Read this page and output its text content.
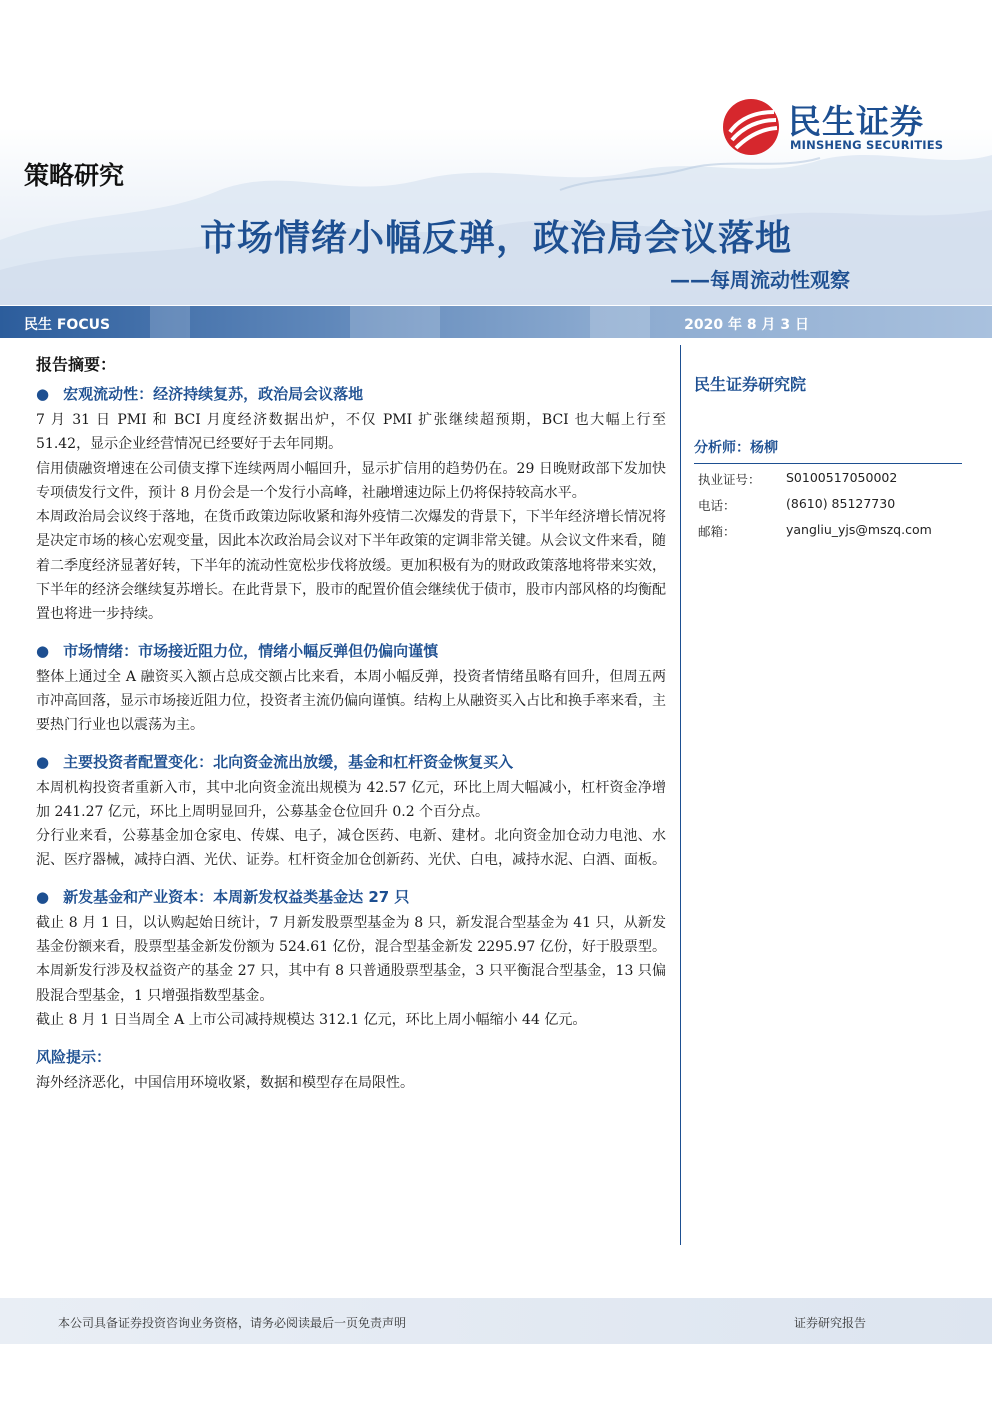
民生证券
MINSHENG SECURITIES
策略研究
市场情绪小幅反弹，政治局会议落地
——每周流动性观察
民生 FOCUS	2020 年 8 月 3 日
报告摘要：
● 宏观流动性：经济持续复苏，政治局会议落地

7 月 31 日 PMI 和 BCI 月度经济数据出炉，不仅 PMI 扩张继续超预期，BCI 也大幅上行至 51.42，显示企业经营情况已经要好于去年同期。

信用债融资增速在公司债支撑下连续两周小幅回升，显示扩信用的趋势仍在。29 日晚财政部下发加快专项债发行文件，预计 8 月份会是一个发行小高峰，社融增速边际上仍将保持较高水平。

本周政治局会议终于落地，在货币政策边际收紧和海外疫情二次爆发的背景下，下半年经济增长情况将是决定市场的核心宏观变量，因此本次政治局会议对下半年政策的定调非常关键。从会议文件来看，随着二季度经济显著好转，下半年的流动性宽松步伐将放缓。更加积极有为的财政政策落地将带来实效，下半年的经济会继续复苏增长。在此背景下，股市的配置价值会继续优于债市，股市内部风格的均衡配置也将进一步持续。

● 市场情绪：市场接近阻力位，情绪小幅反弹但仍偏向谨慎

整体上通过全 A 融资买入额占总成交额占比来看，本周小幅反弹，投资者情绪虽略有回升，但周五两市冲高回落，显示市场接近阻力位，投资者主流仍偏向谨慎。结构上从融资买入占比和换手率来看，主要热门行业也以震荡为主。

● 主要投资者配置变化：北向资金流出放缓，基金和杠杆资金恢复买入

本周机构投资者重新入市，其中北向资金流出规模为 42.57 亿元，环比上周大幅减小，杠杆资金净增加 241.27 亿元，环比上周明显回升，公募基金仓位回升 0.2 个百分点。

分行业来看，公募基金加仓家电、传媒、电子，减仓医药、电新、建材。北向资金加仓动力电池、水泥、医疗器械，减持白酒、光伏、证券。杠杆资金加仓创新药、光伏、白电，减持水泥、白酒、面板。

● 新发基金和产业资本：本周新发权益类基金达 27 只

截止 8 月 1 日，以认购起始日统计，7 月新发股票型基金为 8 只，新发混合型基金为 41 只，从新发基金份额来看，股票型基金新发份额为 524.61 亿份，混合型基金新发 2295.97 亿份，好于股票型。本周新发行涉及权益资产的基金 27 只，其中有 8 只普通股票型基金，3 只平衡混合型基金，13 只偏股混合型基金，1 只增强指数型基金。

截止 8 月 1 日当周全 A 上市公司减持规模达 312.1 亿元，环比上周小幅缩小 44 亿元。

风险提示：

海外经济恶化，中国信用环境收紧，数据和模型存在局限性。

民生证券研究院
分析师：杨柳
执业证号： S0100517050002
电话：	(8610) 85127730
邮箱：	yangliu_yjs@mszq.com
本公司具备证券投资咨询业务资格，请务必阅读最后一页免责声明	证券研究报告
